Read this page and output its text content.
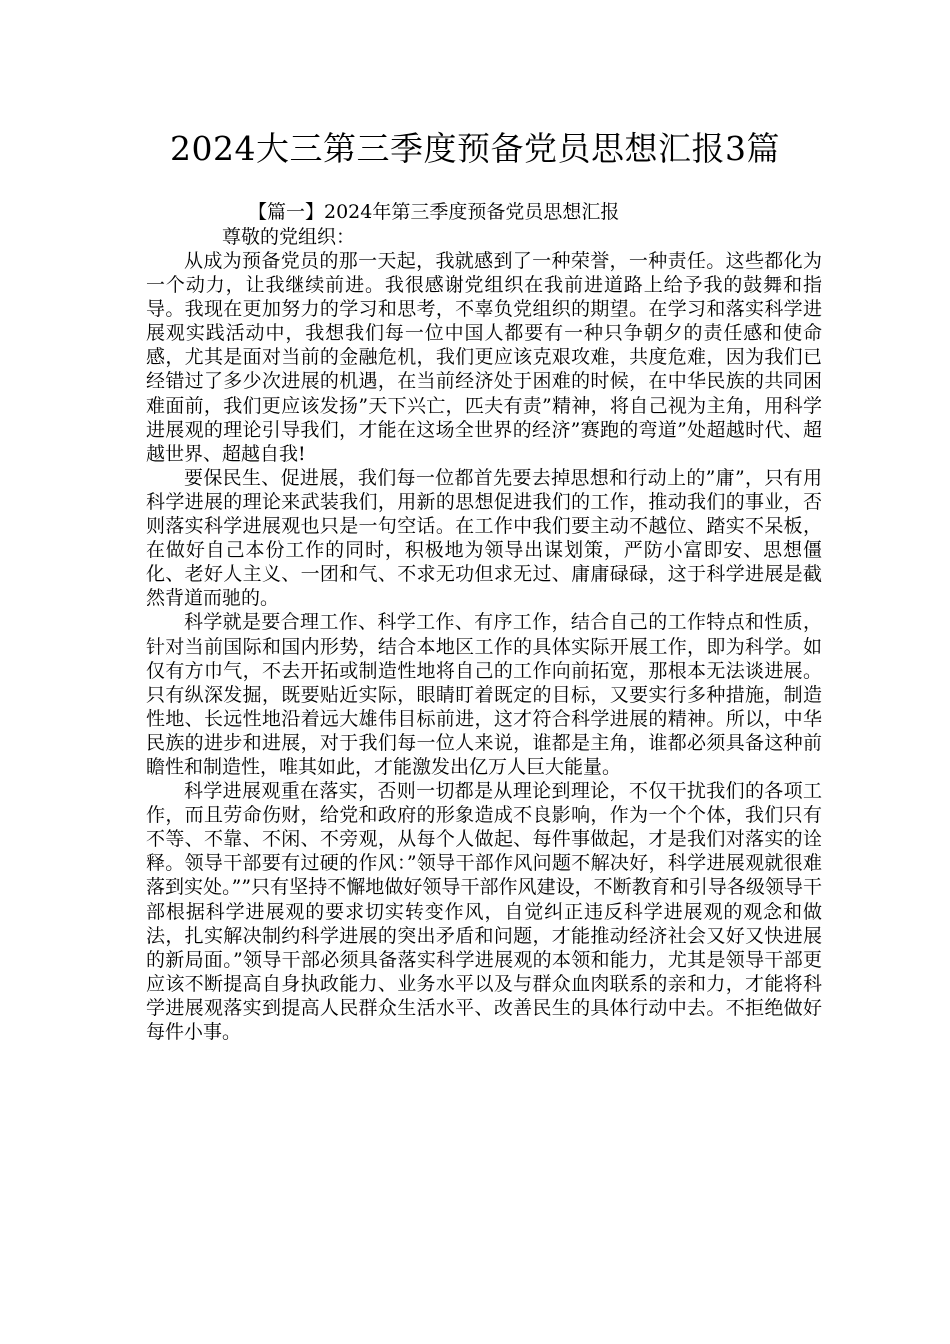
2024大三第三季度预备党员思想汇报3篇
【篇一】2024年第三季度预备党员思想汇报

尊敬的党组织：

从成为预备党员的那一天起，我就感到了一种荣誉，一种责任。这些都化为一个动力，让我继续前进。我很感谢党组织在我前进道路上给予我的鼓舞和指导。我现在更加努力的学习和思考，不辜负党组织的期望。在学习和落实科学进展观实践活动中，我想我们每一位中国人都要有一种只争朝夕的责任感和使命感，尤其是面对当前的金融危机，我们更应该克艰攻难，共度危难，因为我们已经错过了多少次进展的机遇，在当前经济处于困难的时候，在中华民族的共同困难面前，我们更应该发扬”天下兴亡，匹夫有责”精神，将自己视为主角，用科学进展观的理论引导我们，才能在这场全世界的经济”赛跑的弯道”处超越时代、超越世界、超越自我!

要保民生、促进展，我们每一位都首先要去掉思想和行动上的”庸”，只有用科学进展的理论来武装我们，用新的思想促进我们的工作，推动我们的事业，否则落实科学进展观也只是一句空话。在工作中我们要主动不越位、踏实不呆板，在做好自己本份工作的同时，积极地为领导出谋划策，严防小富即安、思想僵化、老好人主义、一团和气、不求无功但求无过、庸庸碌碌，这于科学进展是截然背道而驰的。

科学就是要合理工作、科学工作、有序工作，结合自己的工作特点和性质，针对当前国际和国内形势，结合本地区工作的具体实际开展工作，即为科学。如仅有方巾气，不去开拓或制造性地将自己的工作向前拓宽，那根本无法谈进展。只有纵深发掘，既要贴近实际，眼睛盯着既定的目标，又要实行多种措施，制造性地、长远性地沿着远大雄伟目标前进，这才符合科学进展的精神。所以，中华民族的进步和进展，对于我们每一位人来说，谁都是主角，谁都必须具备这种前瞻性和制造性，唯其如此，才能激发出亿万人巨大能量。

科学进展观重在落实，否则一切都是从理论到理论，不仅干扰我们的各项工作，而且劳命伤财，给党和政府的形象造成不良影响，作为一个个体，我们只有不等、不靠、不闲、不旁观，从每个人做起、每件事做起，才是我们对落实的诠释。领导干部要有过硬的作风：”领导干部作风问题不解决好，科学进展观就很难落到实处。””只有坚持不懈地做好领导干部作风建设，不断教育和引导各级领导干部根据科学进展观的要求切实转变作风，自觉纠正违反科学进展观的观念和做法，扎实解决制约科学进展的突出矛盾和问题，才能推动经济社会又好又快进展的新局面。”领导干部必须具备落实科学进展观的本领和能力，尤其是领导干部更应该不断提高自身执政能力、业务水平以及与群众血肉联系的亲和力，才能将科学进展观落实到提高人民群众生活水平、改善民生的具体行动中去。不拒绝做好每件小事。
